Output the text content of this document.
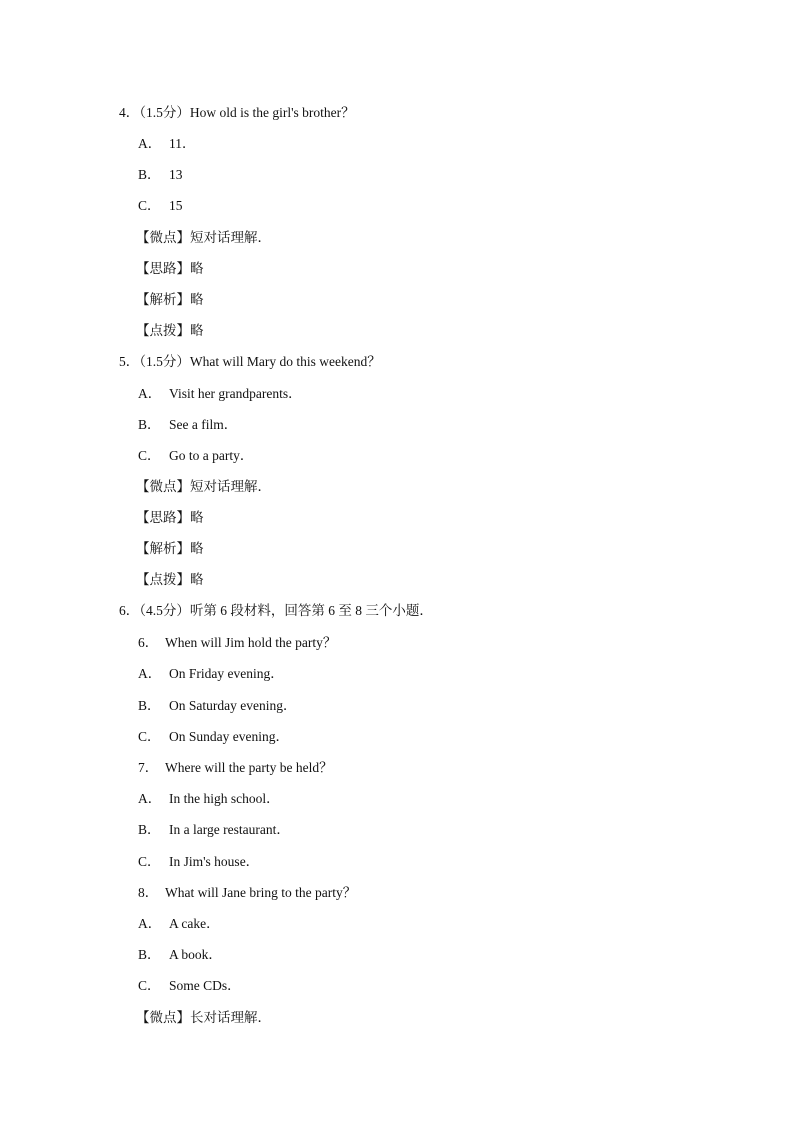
4．（1.5分）How old is the girl's brother？
A． 11．
B． 13
C． 15
【微点】短对话理解．
【思路】略
【解析】略
【点拨】略
5．（1.5分）What will Mary do this weekend？
A． Visit her grandparents．
B． See a film．
C． Go to a party．
【微点】短对话理解．
【思路】略
【解析】略
【点拨】略
6．（4.5分）听第 6 段材料，回答第 6 至 8 三个小题．
6． When will Jim hold the party？
A． On Friday evening．
B． On Saturday evening．
C． On Sunday evening．
7． Where will the party be held？
A． In the high school．
B． In a large restaurant．
C． In Jim's house．
8． What will Jane bring to the party？
A． A cake．
B． A book．
C． Some CDs．
【微点】长对话理解．
